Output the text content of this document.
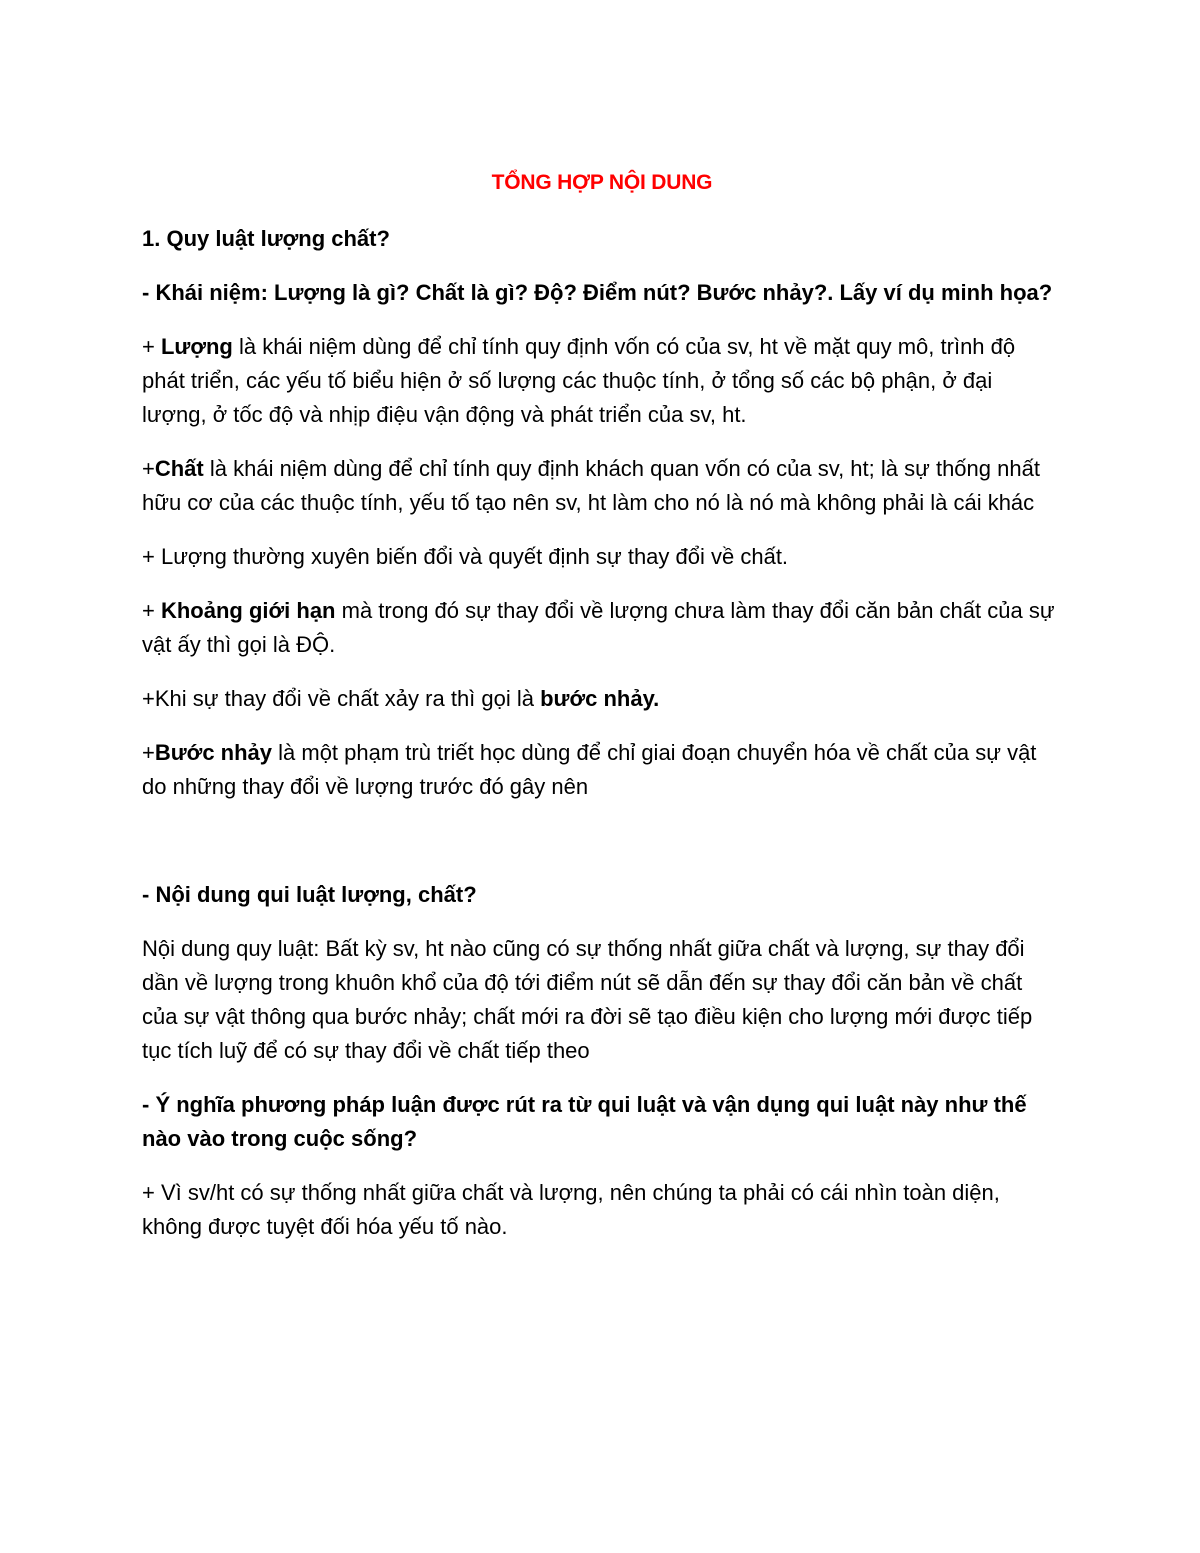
TỔNG HỢP NỘI DUNG

1. Quy luật lượng chất?

- Khái niệm: Lượng là gì? Chất là gì? Độ? Điểm nút? Bước nhảy?. Lấy ví dụ minh họa?

+ Lượng là khái niệm dùng để chỉ tính quy định vốn có của sv, ht về mặt quy mô, trình độ phát triển, các yếu tố biểu hiện ở số lượng các thuộc tính, ở tổng số các bộ phận, ở đại lượng, ở tốc độ và nhịp điệu vận động và phát triển của sv, ht.

+Chất là khái niệm dùng để chỉ tính quy định khách quan vốn có của sv, ht; là sự thống nhất hữu cơ của các thuộc tính, yếu tố tạo nên sv, ht làm cho nó là nó mà không phải là cái khác

+ Lượng thường xuyên biến đổi và quyết định sự thay đổi về chất.

+ Khoảng giới hạn mà trong đó sự thay đổi về lượng chưa làm thay đổi căn bản chất của sự vật ấy thì gọi là ĐỘ.

+Khi sự thay đổi về chất xảy ra thì gọi là bước nhảy.

+Bước nhảy là một phạm trù triết học dùng để chỉ giai đoạn chuyển hóa về chất của sự vật do những thay đổi về lượng trước đó gây nên

- Nội dung qui luật lượng, chất?

Nội dung quy luật: Bất kỳ sv, ht nào cũng có sự thống nhất giữa chất và lượng, sự thay đổi dần về lượng trong khuôn khổ của độ tới điểm nút sẽ dẫn đến sự thay đổi căn bản về chất của sự vật thông qua bước nhảy; chất mới ra đời sẽ tạo điều kiện cho lượng mới được tiếp tục tích luỹ để có sự thay đổi về chất tiếp theo

- Ý nghĩa phương pháp luận được rút ra từ qui luật và vận dụng qui luật này như thế nào vào trong cuộc sống?

+ Vì sv/ht có sự thống nhất giữa chất và lượng, nên chúng ta phải có cái nhìn toàn diện, không được tuyệt đối hóa yếu tố nào.
